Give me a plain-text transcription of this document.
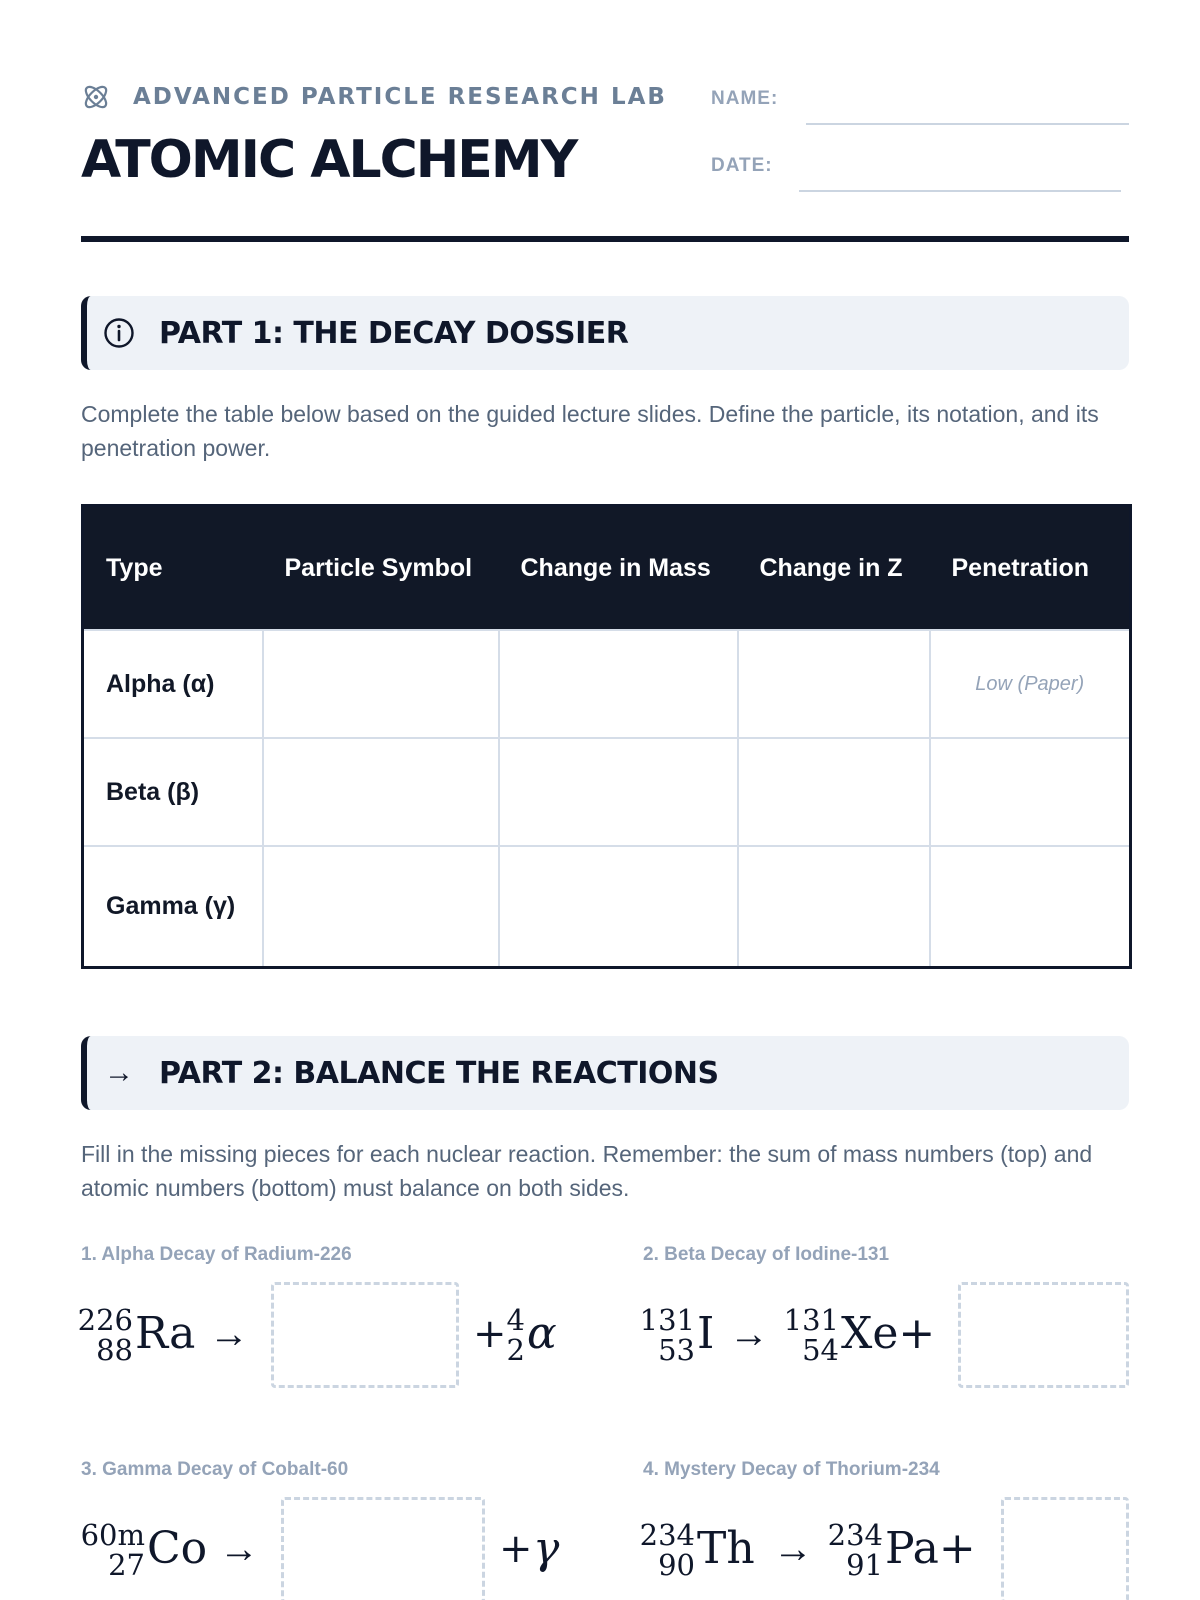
ADVANCED PARTICLE RESEARCH LAB
ATOMIC ALCHEMY
NAME:
DATE:
PART 1: THE DECAY DOSSIER
Complete the table below based on the guided lecture slides. Define the particle, its notation, and its penetration power.
Type	Particle Symbol	Change in Mass	Change in Z	Penetration
Alpha (α)				Low (Paper)
Beta (β)				
Gamma (γ)				
→ PART 2: BALANCE THE REACTIONS
Fill in the missing pieces for each nuclear reaction. Remember: the sum of mass numbers (top) and atomic numbers (bottom) must balance on both sides.
1. Alpha Decay of Radium-226
226
88 Ra →	+ 4
2 α
2. Beta Decay of Iodine-131
131
53 I → 131
54 Xe+
3. Gamma Decay of Cobalt-60
60m
27 Co →	+ γ
4. Mystery Decay of Thorium-234
234
90 Th → 234
91 Pa+
